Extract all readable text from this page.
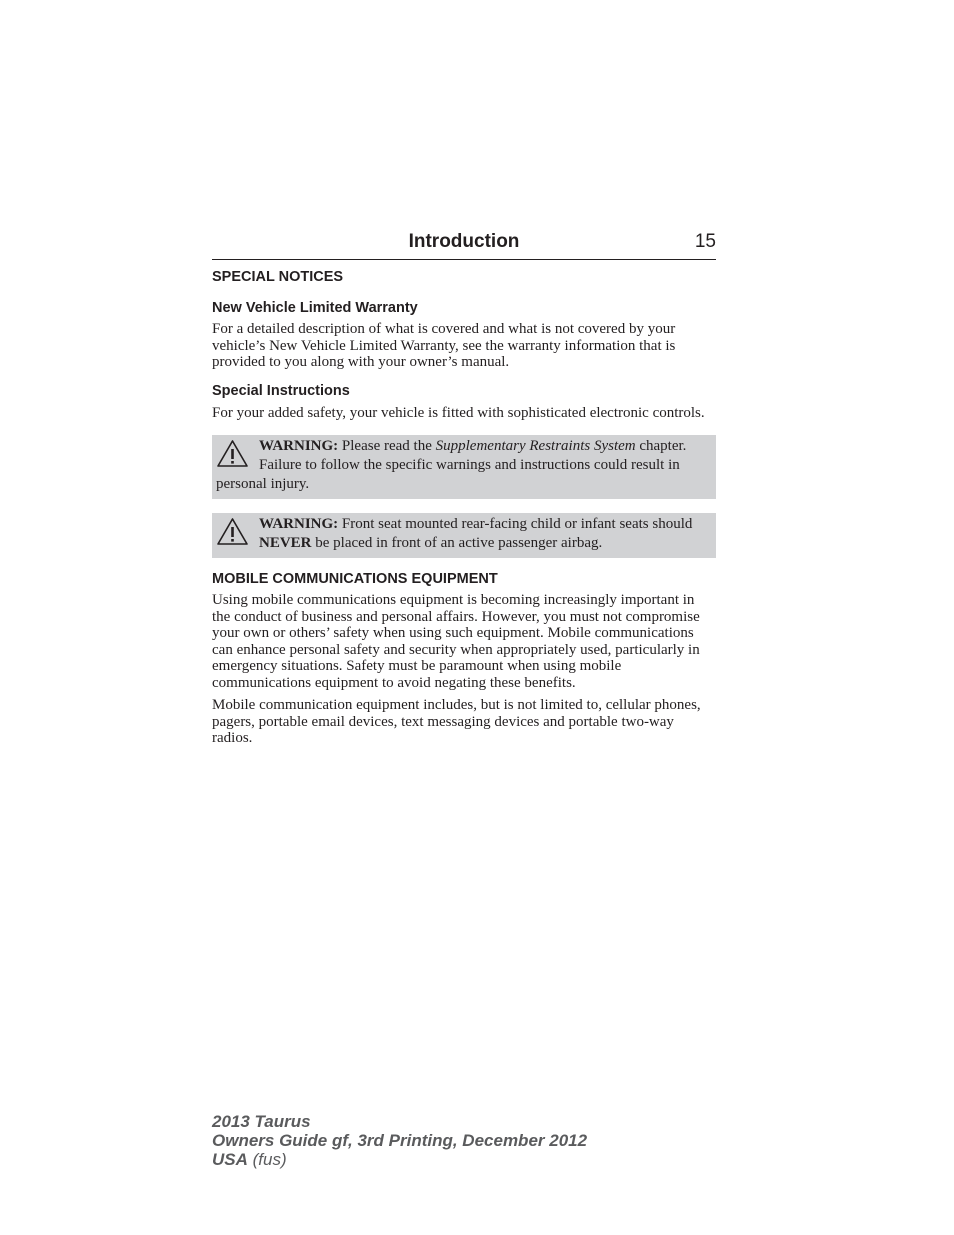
Introduction	15
SPECIAL NOTICES
New Vehicle Limited Warranty

For a detailed description of what is covered and what is not covered by your vehicle’s New Vehicle Limited Warranty, see the warranty information that is provided to you along with your owner’s manual.

Special Instructions

For your added safety, your vehicle is fitted with sophisticated electronic controls.

WARNING: Please read the Supplementary Restraints System chapter. Failure to follow the specific warnings and instructions could result in personal injury.
WARNING: Front seat mounted rear-facing child or infant seats should NEVER be placed in front of an active passenger airbag.
MOBILE COMMUNICATIONS EQUIPMENT

Using mobile communications equipment is becoming increasingly important in the conduct of business and personal affairs. However, you must not compromise your own or others’ safety when using such equipment. Mobile communications can enhance personal safety and security when appropriately used, particularly in emergency situations. Safety must be paramount when using mobile communications equipment to avoid negating these benefits.

Mobile communication equipment includes, but is not limited to, cellular phones, pagers, portable email devices, text messaging devices and portable two-way radios.

2013 Taurus
Owners Guide gf, 3rd Printing, December 2012
USA (fus)
